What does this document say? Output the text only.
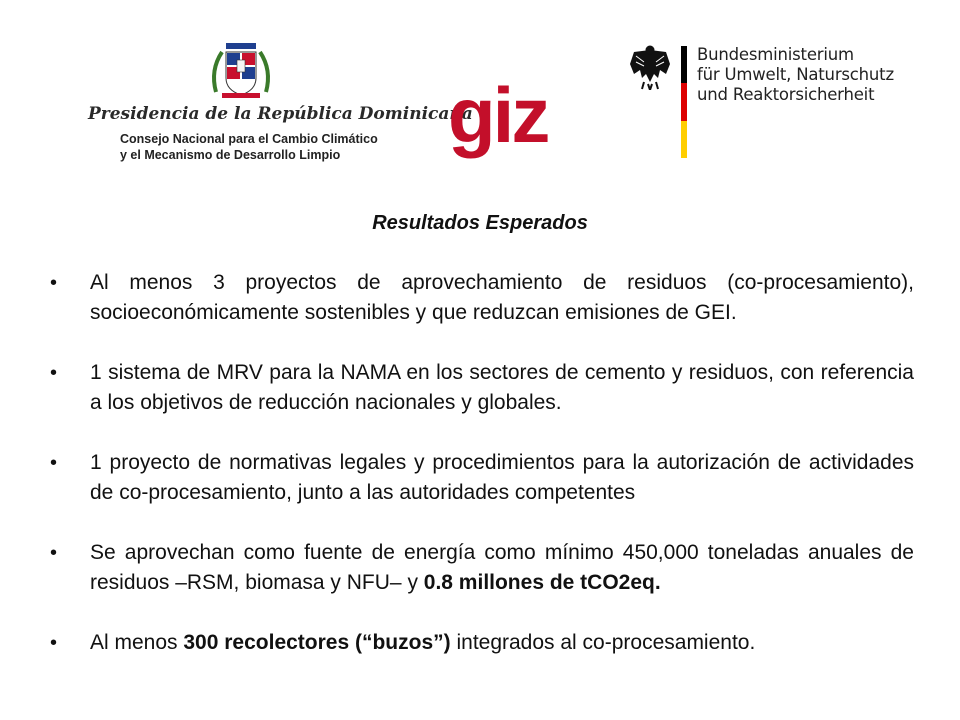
Presidencia de la República Dominicana
Consejo Nacional para el Cambio Climático
y el Mecanismo de Desarrollo Limpio	giz
Bundesministerium
für Umwelt, Naturschutz
und Reaktorsicherheit
Resultados Esperados
• Al menos 3 proyectos de aprovechamiento de residuos (co-procesamiento), socioeconómicamente sostenibles y que reduzcan emisiones de GEI.
• 1 sistema de MRV para la NAMA en los sectores de cemento y residuos, con referencia a los objetivos de reducción nacionales y globales.
• 1 proyecto de normativas legales y procedimientos para la autorización de actividades de co-procesamiento, junto a las autoridades competentes
• Se aprovechan como fuente de energía como mínimo 450,000 toneladas anuales de residuos –RSM, biomasa y NFU– y 0.8 millones de tCO2eq.
• Al menos 300 recolectores (“buzos”) integrados al co-procesamiento.
